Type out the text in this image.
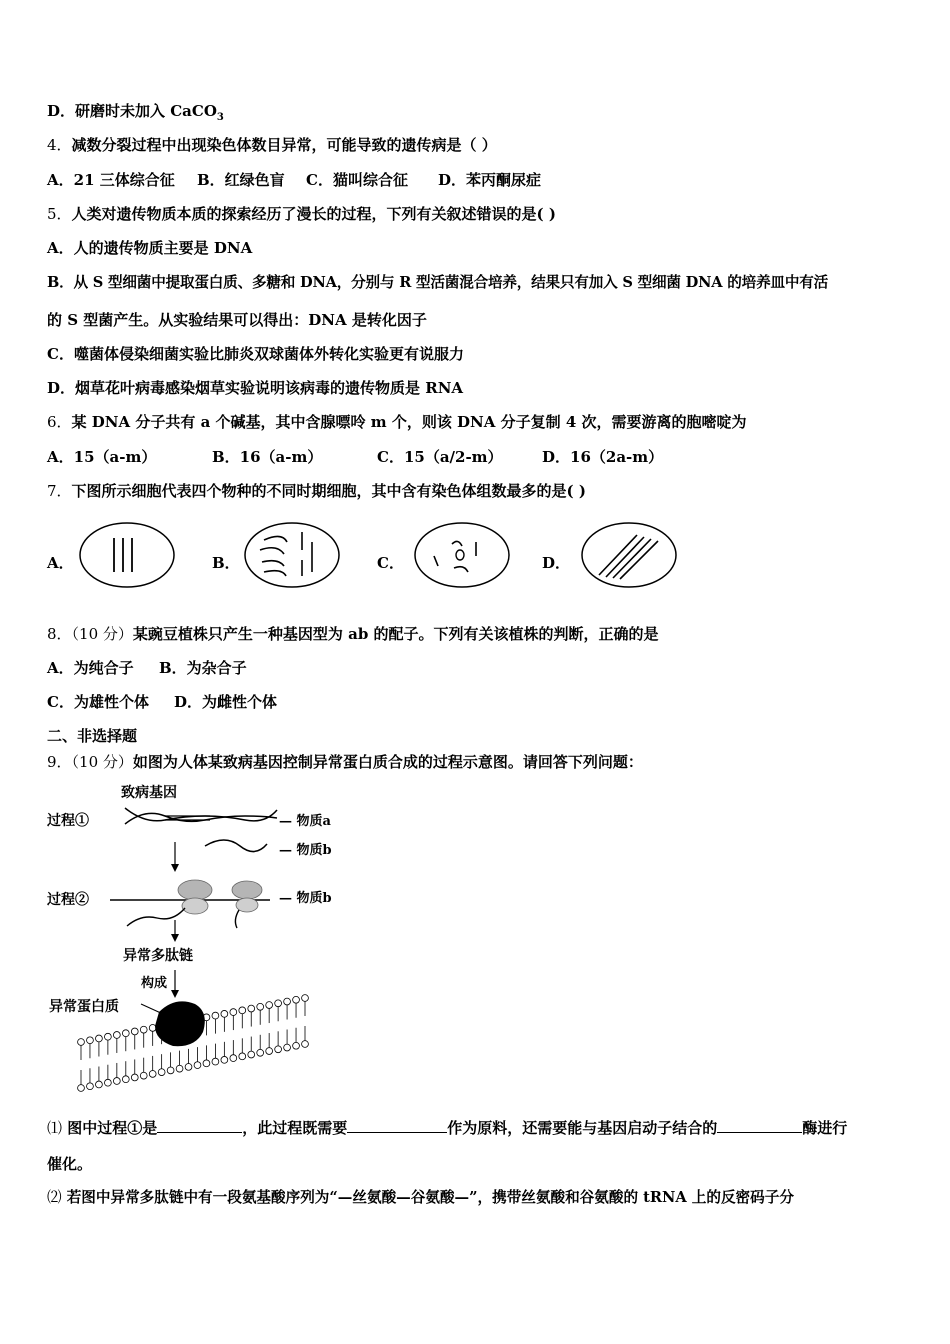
D．研磨时未加入 CaCO$_3$
4．减数分裂过程中出现染色体数目异常，可能导致的遗传病是（ ）
A．21 三体综合征 B．红绿色盲 C．猫叫综合征 D．苯丙酮尿症
5．人类对遗传物质本质的探索经历了漫长的过程，下列有关叙述错误的是( )
A．人的遗传物质主要是 DNA
B．从 S 型细菌中提取蛋白质、多糖和 DNA，分别与 R 型活菌混合培养，结果只有加入 S 型细菌 DNA 的培养皿中有活
的 S 型菌产生。从实验结果可以得出：DNA 是转化因子
C．噬菌体侵染细菌实验比肺炎双球菌体外转化实验更有说服力
D．烟草花叶病毒感染烟草实验说明该病毒的遗传物质是 RNA
6．某 DNA 分子共有 a 个碱基，其中含腺嘌呤 m 个，则该 DNA 分子复制 4 次，需要游离的胞嘧啶为
A．15（a-m）	B．16（a-m）	C．15（a/2-m）	D．16（2a-m）
7．下图所示细胞代表四个物种的不同时期细胞，其中含有染色体组数最多的是( )
A．	B．	C．	D．
8．（10 分）某豌豆植株只产生一种基因型为 ab 的配子。下列有关该植株的判断，正确的是
A．为纯合子 B．为杂合子
C．为雄性个体 D．为雌性个体
二、非选择题
9．（10 分）如图为人体某致病基因控制异常蛋白质合成的过程示意图。请回答下列问题：
致病基因
过程①	— 物质a
— 物质b
过程②	— 物质b
异常多肽链
构成
异常蛋白质
⑴ 图中过程①是	，此过程既需要	作为原料，还需要能与基因启动子结合的	酶进行
催化。
⑵ 若图中异常多肽链中有一段氨基酸序列为“—丝氨酸—谷氨酸—”，携带丝氨酸和谷氨酸的 tRNA 上的反密码子分
